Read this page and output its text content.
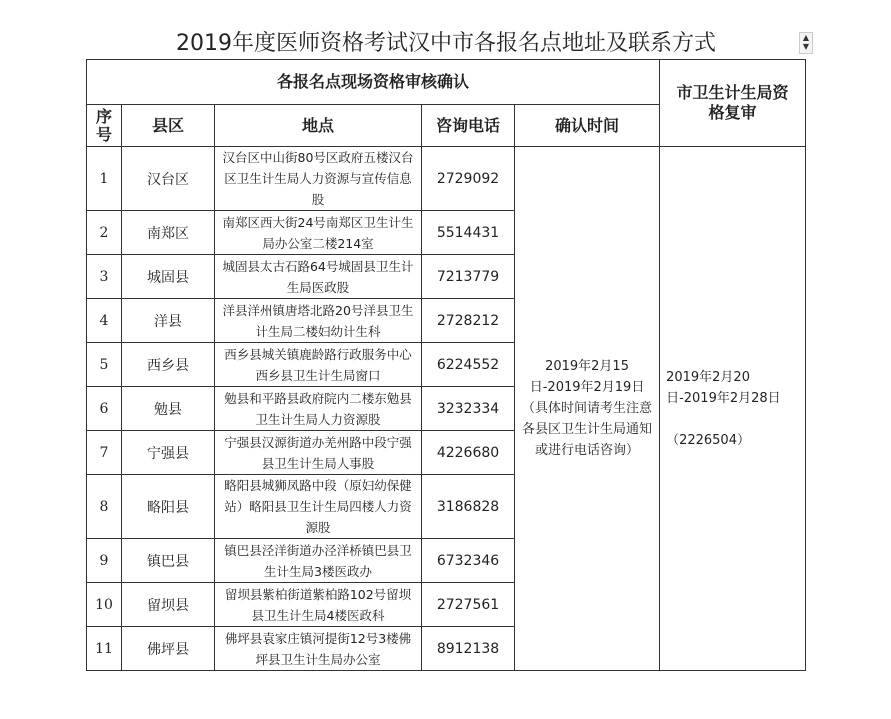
2019年度医师资格考试汉中市各报名点地址及联系方式	▲
▼
各报名点现场资格审核确认					市卫生计生局资格复审
序号	县区	地点	咨询电话	确认时间	
1	汉台区	汉台区中山街80号区政府五楼汉台区卫生计生局人力资源与宣传信息股	2729092	2019年2月15日-2019年2月19日（具体时间请考生注意各县区卫生计生局通知或进行电话咨询）	2019年2月20日-2019年2月28日
（2226504）

2	南郑区	南郑区西大街24号南郑区卫生计生局办公室二楼214室	5514431		
3	城固县	城固县太古石路64号城固县卫生计生局医政股	7213779		
4	洋县	洋县洋州镇唐塔北路20号洋县卫生计生局二楼妇幼计生科	2728212		
5	西乡县	西乡县城关镇鹿龄路行政服务中心西乡县卫生计生局窗口	6224552		
6	勉县	勉县和平路县政府院内二楼东勉县卫生计生局人力资源股	3232334		
7	宁强县	宁强县汉源街道办羌州路中段宁强县卫生计生局人事股	4226680		
8	略阳县	略阳县城狮凤路中段（原妇幼保健站）略阳县卫生计生局四楼人力资源股	3186828		
9	镇巴县	镇巴县泾洋街道办泾洋桥镇巴县卫生计生局3楼医政办	6732346		
10	留坝县	留坝县紫柏街道紫柏路102号留坝县卫生计生局4楼医政科	2727561		
11	佛坪县	佛坪县袁家庄镇河提街12号3楼佛坪县卫生计生局办公室	8912138		
